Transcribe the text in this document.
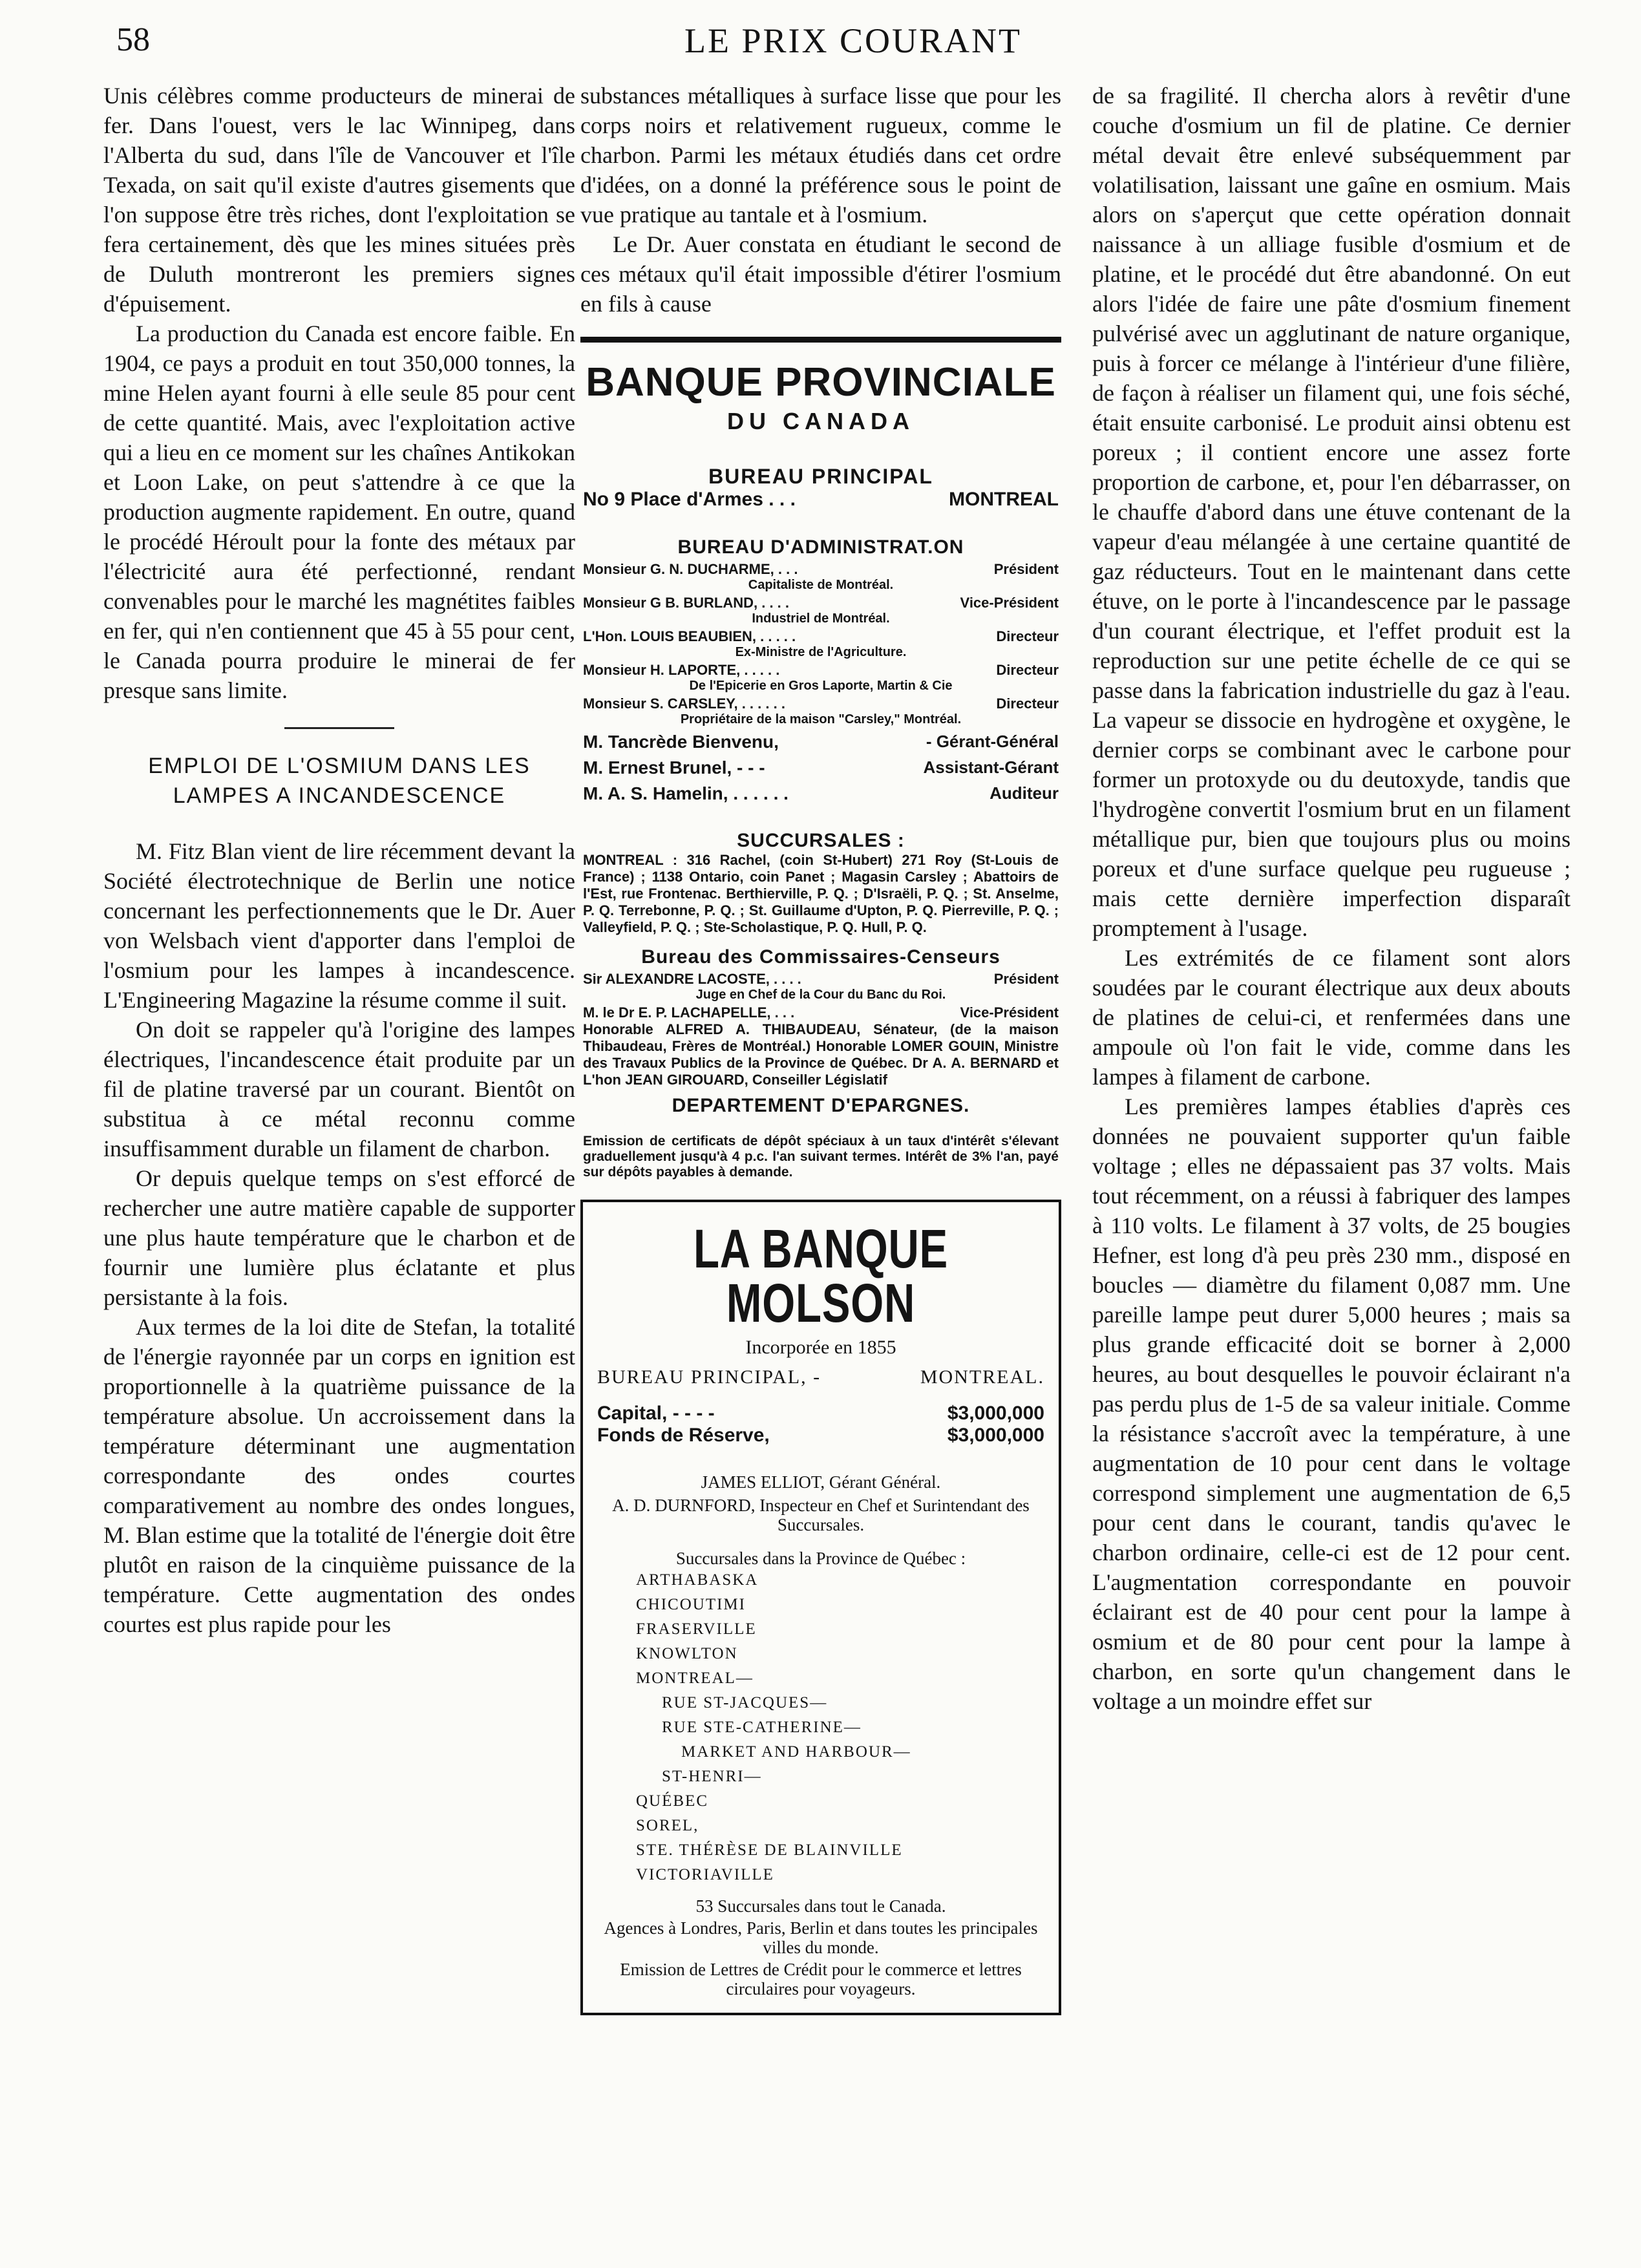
58	LE PRIX COURANT

Unis célèbres comme producteurs de minerai de fer. Dans l'ouest, vers le lac Winnipeg, dans l'Alberta du sud, dans l'île de Vancouver et l'île Texada, on sait qu'il existe d'autres gisements que l'on suppose être très riches, dont l'exploitation se fera certainement, dès que les mines situées près de Duluth montreront les premiers signes d'épuisement.

La production du Canada est encore faible. En 1904, ce pays a produit en tout 350,000 tonnes, la mine Helen ayant fourni à elle seule 85 pour cent de cette quantité. Mais, avec l'exploitation active qui a lieu en ce moment sur les chaînes Antikokan et Loon Lake, on peut s'attendre à ce que la production augmente rapidement. En outre, quand le procédé Héroult pour la fonte des métaux par l'électricité aura été perfectionné, rendant convenables pour le marché les magnétites faibles en fer, qui n'en contiennent que 45 à 55 pour cent, le Canada pourra produire le minerai de fer presque sans limite.

EMPLOI DE L'OSMIUM DANS LES LAMPES A INCANDESCENCE

M. Fitz Blan vient de lire récemment devant la Société électrotechnique de Berlin une notice concernant les perfectionnements que le Dr. Auer von Welsbach vient d'apporter dans l'emploi de l'osmium pour les lampes à incandescence. L'Engineering Magazine la résume comme il suit.

On doit se rappeler qu'à l'origine des lampes électriques, l'incandescence était produite par un fil de platine traversé par un courant. Bientôt on substitua à ce métal reconnu comme insuffisamment durable un filament de charbon.

Or depuis quelque temps on s'est efforcé de rechercher une autre matière capable de supporter une plus haute température que le charbon et de fournir une lumière plus éclatante et plus persistante à la fois.

Aux termes de la loi dite de Stefan, la totalité de l'énergie rayonnée par un corps en ignition est proportionnelle à la quatrième puissance de la température absolue. Un accroissement dans la température déterminant une augmentation correspondante des ondes courtes comparativement au nombre des ondes longues, M. Blan estime que la totalité de l'énergie doit être plutôt en raison de la cinquième puissance de la température. Cette augmentation des ondes courtes est plus rapide pour les

substances métalliques à surface lisse que pour les corps noirs et relativement rugueux, comme le charbon. Parmi les métaux étudiés dans cet ordre d'idées, on a donné la préférence sous le point de vue pratique au tantale et à l'osmium.

Le Dr. Auer constata en étudiant le second de ces métaux qu'il était impossible d'étirer l'osmium en fils à cause

BANQUE PROVINCIALE
DU CANADA
BUREAU PRINCIPAL
No 9 Place d'Armes . . .	MONTREAL
BUREAU D'ADMINISTRAT.ON
Monsieur G. N. DUCHARME, . . .	Président
Capitaliste de Montréal.
Monsieur G B. BURLAND, . . . .	Vice-Président
Industriel de Montréal.
L'Hon. LOUIS BEAUBIEN, . . . . .	Directeur
Ex-Ministre de l'Agriculture.
Monsieur H. LAPORTE, . . . . .	Directeur
De l'Epicerie en Gros Laporte, Martin & Cie
Monsieur S. CARSLEY, . . . . . .	Directeur
Propriétaire de la maison "Carsley," Montréal.
M. Tancrède Bienvenu,	- Gérant-Général
M. Ernest Brunel, - - -	Assistant-Gérant
M. A. S. Hamelin, . . . . . .	Auditeur
SUCCURSALES :
MONTREAL : 316 Rachel, (coin St-Hubert) 271 Roy (St-Louis de France) ; 1138 Ontario, coin Panet ; Magasin Carsley ; Abattoirs de l'Est, rue Frontenac. Berthierville, P. Q. ; D'Israëli, P. Q. ; St. Anselme, P. Q. Terrebonne, P. Q. ; St. Guillaume d'Upton, P. Q. Pierreville, P. Q. ; Valleyfield, P. Q. ; Ste-Scholastique, P. Q. Hull, P. Q.
Bureau des Commissaires-Censeurs
Sir ALEXANDRE LACOSTE, . . . .	Président
Juge en Chef de la Cour du Banc du Roi.
M. le Dr E. P. LACHAPELLE, . . .	Vice-Président
Honorable ALFRED A. THIBAUDEAU, Sénateur, (de la maison Thibaudeau, Frères de Montréal.) Honorable LOMER GOUIN, Ministre des Travaux Publics de la Province de Québec. Dr A. A. BERNARD et L'hon JEAN GIROUARD, Conseiller Législatif
DEPARTEMENT D'EPARGNES.
Emission de certificats de dépôt spéciaux à un taux d'intérêt s'élevant graduellement jusqu'à 4 p.c. l'an suivant termes. Intérêt de 3% l'an, payé sur dépôts payables à demande.
LA BANQUE MOLSON
Incorporée en 1855
BUREAU PRINCIPAL, -	MONTREAL.
Capital, - - - -	$3,000,000
Fonds de Réserve,	$3,000,000
JAMES ELLIOT, Gérant Général.
A. D. DURNFORD, Inspecteur en Chef et Surintendant des Succursales.
Succursales dans la Province de Québec :
ARTHABASKA
CHICOUTIMI
FRASERVILLE
KNOWLTON
MONTREAL—
RUE ST-JACQUES—
RUE STE-CATHERINE—
MARKET AND HARBOUR—
ST-HENRI—
QUÉBEC
SOREL,
STE. THÉRÈSE DE BLAINVILLE
VICTORIAVILLE
53 Succursales dans tout le Canada.
Agences à Londres, Paris, Berlin et dans toutes les principales villes du monde.
Emission de Lettres de Crédit pour le commerce et lettres circulaires pour voyageurs.

de sa fragilité. Il chercha alors à revêtir d'une couche d'osmium un fil de platine. Ce dernier métal devait être enlevé subséquemment par volatilisation, laissant une gaîne en osmium. Mais alors on s'aperçut que cette opération donnait naissance à un alliage fusible d'osmium et de platine, et le procédé dut être abandonné. On eut alors l'idée de faire une pâte d'osmium finement pulvérisé avec un agglutinant de nature organique, puis à forcer ce mélange à l'intérieur d'une filière, de façon à réaliser un filament qui, une fois séché, était ensuite carbonisé. Le produit ainsi obtenu est poreux ; il contient encore une assez forte proportion de carbone, et, pour l'en débarrasser, on le chauffe d'abord dans une étuve contenant de la vapeur d'eau mélangée à une certaine quantité de gaz réducteurs. Tout en le maintenant dans cette étuve, on le porte à l'incandescence par le passage d'un courant électrique, et l'effet produit est la reproduction sur une petite échelle de ce qui se passe dans la fabrication industrielle du gaz à l'eau. La vapeur se dissocie en hydrogène et oxygène, le dernier corps se combinant avec le carbone pour former un protoxyde ou du deutoxyde, tandis que l'hydrogène convertit l'osmium brut en un filament métallique pur, bien que toujours plus ou moins poreux et d'une surface quelque peu rugueuse ; mais cette dernière imperfection disparaît promptement à l'usage.

Les extrémités de ce filament sont alors soudées par le courant électrique aux deux abouts de platines de celui-ci, et renfermées dans une ampoule où l'on fait le vide, comme dans les lampes à filament de carbone.

Les premières lampes établies d'après ces données ne pouvaient supporter qu'un faible voltage ; elles ne dépassaient pas 37 volts. Mais tout récemment, on a réussi à fabriquer des lampes à 110 volts. Le filament à 37 volts, de 25 bougies Hefner, est long d'à peu près 230 mm., disposé en boucles — diamètre du filament 0,087 mm. Une pareille lampe peut durer 5,000 heures ; mais sa plus grande efficacité doit se borner à 2,000 heures, au bout desquelles le pouvoir éclairant n'a pas perdu plus de 1-5 de sa valeur initiale. Comme la résistance s'accroît avec la température, à une augmentation de 10 pour cent dans le voltage correspond simplement une augmentation de 6,5 pour cent dans le courant, tandis qu'avec le charbon ordinaire, celle-ci est de 12 pour cent. L'augmentation correspondante en pouvoir éclairant est de 40 pour cent pour la lampe à osmium et de 80 pour cent pour la lampe à charbon, en sorte qu'un changement dans le voltage a un moindre effet sur
